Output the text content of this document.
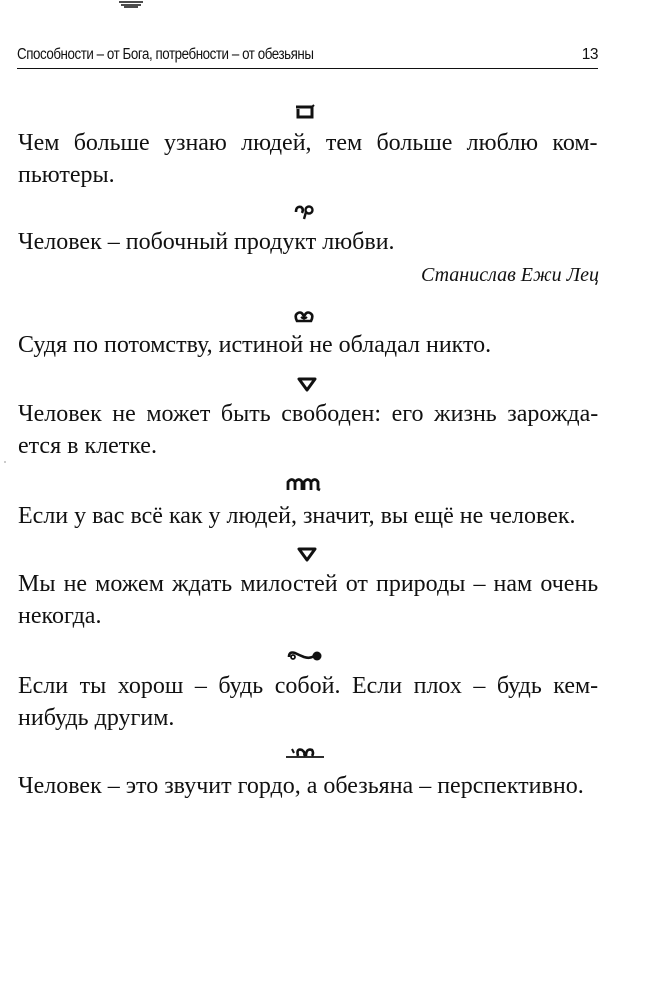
Способности – от Бога, потребности – от обезьяны	13

Чем больше узнаю людей, тем больше люблю ком-
пьютеры.

Человек – побочный продукт любви.

Станислав Ежи Лец

Судя по потомству, истиной не обладал никто.

Человек не может быть свободен: его жизнь зарожда-
ется в клетке.

Если у вас всё как у людей, значит, вы ещё не человек.

Мы не можем ждать милостей от природы – нам очень
некогда.

Если ты хорош – будь собой. Если плох – будь кем-
нибудь другим.

Человек – это звучит гордо, а обезьяна – перспективно.
